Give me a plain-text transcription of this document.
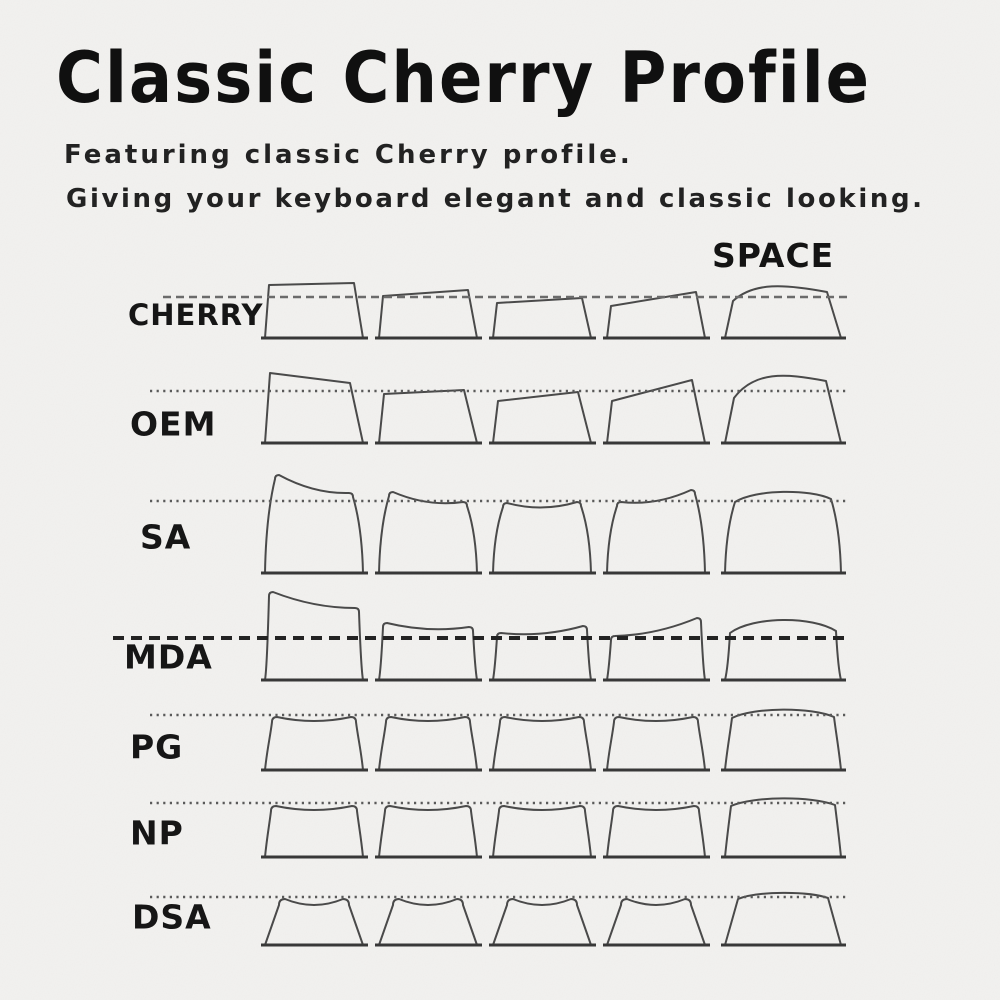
Classic Cherry Profile
Featuring classic Cherry profile.
Giving your keyboard elegant and classic looking.
SPACE
CHERRY
OEM
SA
MDA
PG
NP
DSA
